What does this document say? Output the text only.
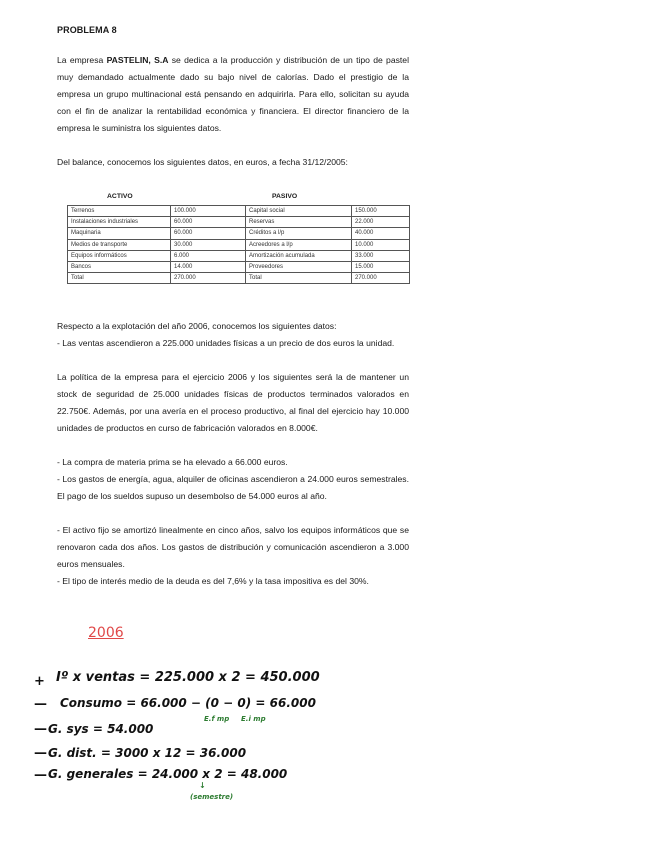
PROBLEMA 8

La empresa PASTELIN, S.A se dedica a la producción y distribución de un tipo de pastel muy demandado actualmente dado su bajo nivel de calorías. Dado el prestigio de la empresa un grupo multinacional está pensando en adquirirla. Para ello, solicitan su ayuda con el fin de analizar la rentabilidad económica y financiera. El director financiero de la empresa le suministra los siguientes datos.

Del balance, conocemos los siguientes datos, en euros, a fecha 31/12/2005:

ACTIVO	PASIVO
Terrenos	100.000	Capital social	150.000
Instalaciones industriales	60.000	Reservas	22.000
Maquinaria	60.000	Créditos a l/p	40.000
Medios de transporte	30.000	Acreedores a l/p	10.000
Equipos informáticos	6.000	Amortización acumulada	33.000
Bancos	14.000	Proveedores	15.000
Total	270.000	Total	270.000

Respecto a la explotación del año 2006, conocemos los siguientes datos:

- Las ventas ascendieron a 225.000 unidades físicas a un precio de dos euros la unidad.

La política de la empresa para el ejercicio 2006 y los siguientes será la de mantener un stock de seguridad de 25.000 unidades físicas de productos terminados valorados en 22.750€. Además, por una avería en el proceso productivo, al final del ejercicio hay 10.000 unidades de productos en curso de fabricación valorados en 8.000€.

- La compra de materia prima se ha elevado a 66.000 euros.

- Los gastos de energía, agua, alquiler de oficinas ascendieron a 24.000 euros semestrales. El pago de los sueldos supuso un desembolso de 54.000 euros al año.

- El activo fijo se amortizó linealmente en cinco años, salvo los equipos informáticos que se renovaron cada dos años. Los gastos de distribución y comunicación ascendieron a 3.000 euros mensuales.

- El tipo de interés medio de la deuda es del 7,6% y la tasa impositiva es del 30%.

2006
+ Iº x ventas = 225.000 x 2 = 450.000
— Consumo = 66.000 − (0 − 0) = 66.000
E.f mp E.i mp
— G. sys = 54.000
— G. dist. = 3000 x 12 = 36.000
— G. generales = 24.000 x 2 = 48.000
↓
(semestre)
